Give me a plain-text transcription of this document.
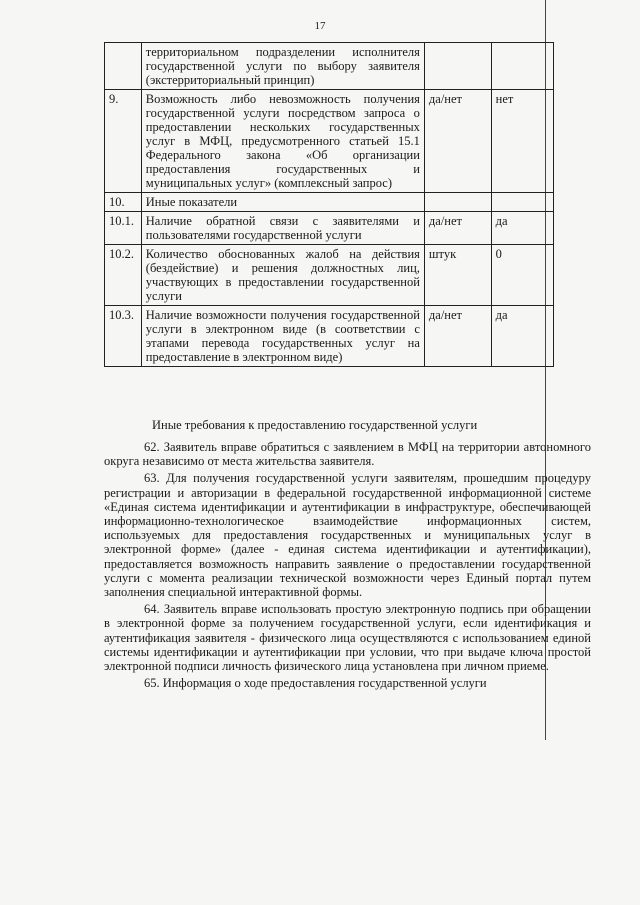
17
	территориальном подразделении исполнителя государственной услуги по выбору заявителя (экстерриториальный принцип)		
9.	Возможность либо невозможность получения государственной услуги посредством запроса о предоставлении нескольких государственных услуг в МФЦ, предусмотренного статьей 15.1 Федерального закона «Об организации предоставления государственных и муниципальных услуг» (комплексный запрос)	да/нет	нет
10.	Иные показатели		
10.1.	Наличие обратной связи с заявителями и пользователями государственной услуги	да/нет	да
10.2.	Количество обоснованных жалоб на действия (бездействие) и решения должностных лиц, участвующих в предоставлении государственной услуги	штук	0
10.3.	Наличие возможности получения государственной услуги в электронном виде (в соответствии с этапами перевода государственных услуг на предоставление в электронном виде)	да/нет	да
Иные требования к предоставлению государственной услуги

62. Заявитель вправе обратиться с заявлением в МФЦ на территории автономного округа независимо от места жительства заявителя.

63. Для получения государственной услуги заявителям, прошедшим процедуру регистрации и авторизации в федеральной государственной информационной системе «Единая система идентификации и аутентификации в инфраструктуре, обеспечивающей информационно-технологическое взаимодействие информационных систем, используемых для предоставления государственных и муниципальных услуг в электронной форме» (далее - единая система идентификации и аутентификации), предоставляется возможность направить заявление о предоставлении государственной услуги с момента реализации технической возможности через Единый портал путем заполнения специальной интерактивной формы.

64. Заявитель вправе использовать простую электронную подпись при обращении в электронной форме за получением государственной услуги, если идентификация и аутентификация заявителя - физического лица осуществляются с использованием единой системы идентификации и аутентификации при условии, что при выдаче ключа простой электронной подписи личность физического лица установлена при личном приеме.

65. Информация о ходе предоставления государственной услуги
